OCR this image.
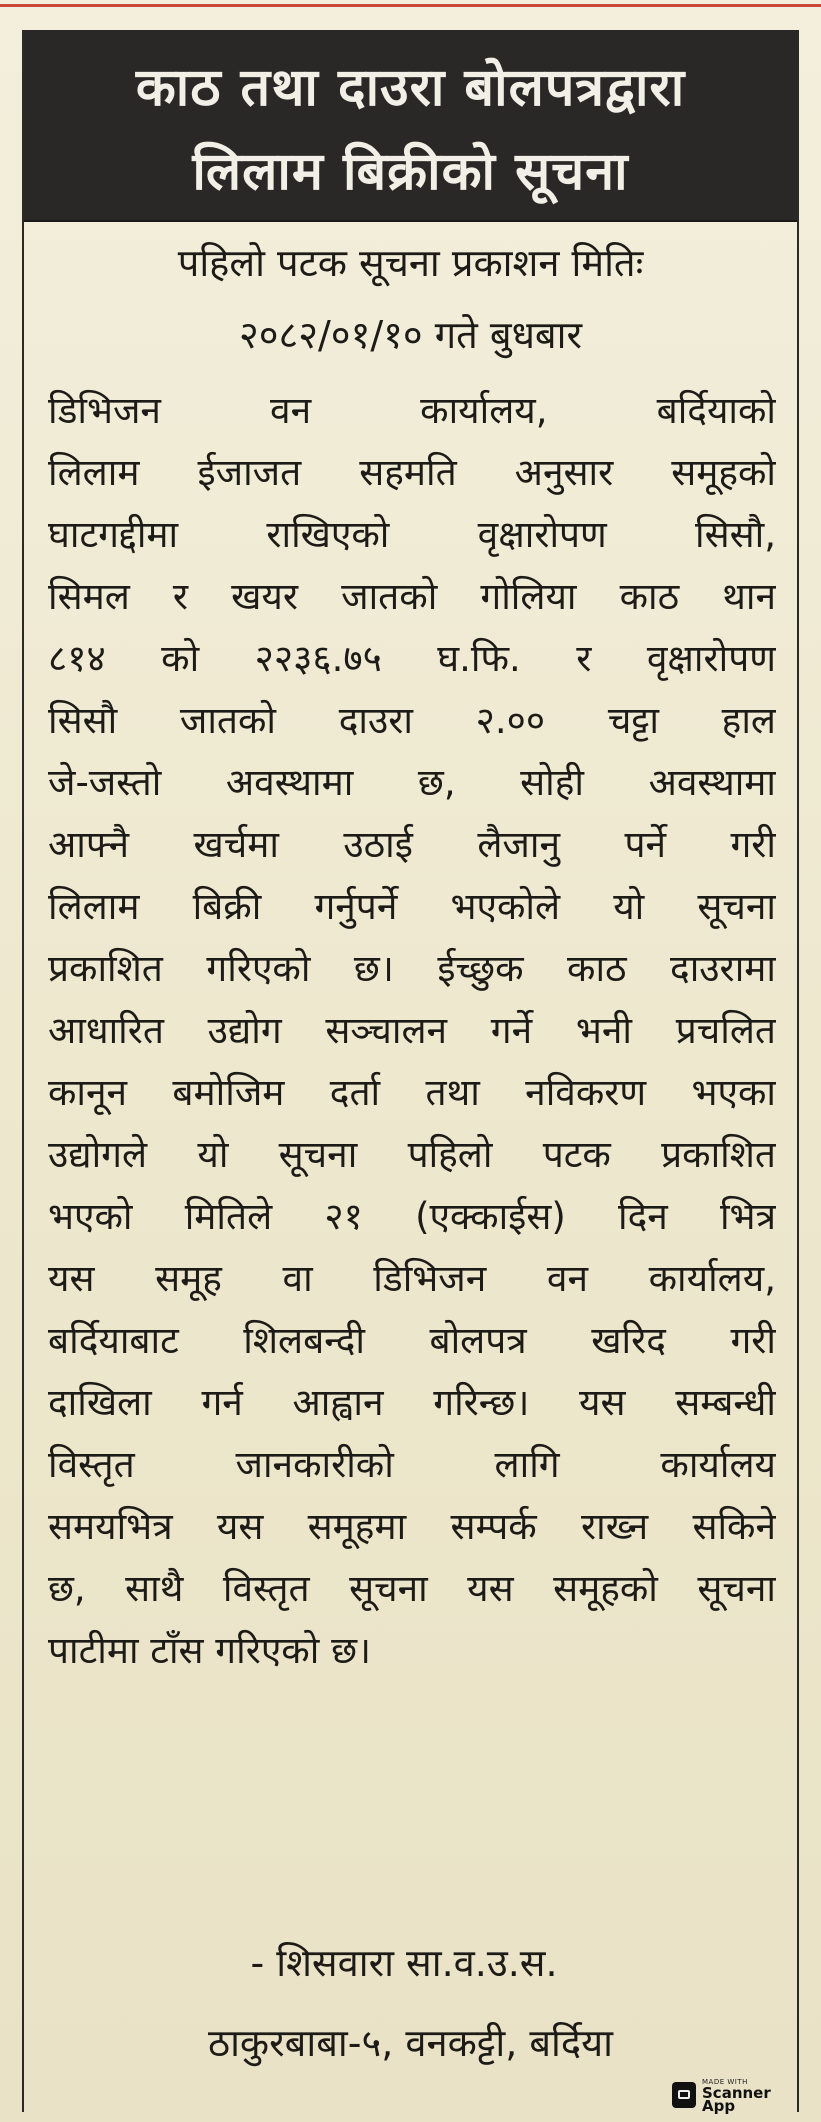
काठ तथा दाउरा बोलपत्रद्वारा
लिलाम बिक्रीको सूचना
पहिलो पटक सूचना प्रकाशन मितिः
२०८२/०१/१० गते बुधबार
डिभिजन वन कार्यालय, बर्दियाको
लिलाम ईजाजत सहमति अनुसार समूहको
घाटगद्दीमा राखिएको वृक्षारोपण सिसौ,
सिमल र खयर जातको गोलिया काठ थान
८१४ को २२३६.७५ घ.फि. र वृक्षारोपण
सिसौ जातको दाउरा २.०० चट्टा हाल
जे-जस्तो अवस्थामा छ, सोही अवस्थामा
आफ्नै खर्चमा उठाई लैजानु पर्ने गरी
लिलाम बिक्री गर्नुपर्ने भएकोले यो सूचना
प्रकाशित गरिएको छ। ईच्छुक काठ दाउरामा
आधारित उद्योग सञ्चालन गर्ने भनी प्रचलित
कानून बमोजिम दर्ता तथा नविकरण भएका
उद्योगले यो सूचना पहिलो पटक प्रकाशित
भएको मितिले २१ (एक्काईस) दिन भित्र
यस समूह वा डिभिजन वन कार्यालय,
बर्दियाबाट शिलबन्दी बोलपत्र खरिद गरी
दाखिला गर्न आह्वान गरिन्छ। यस सम्बन्धी
विस्तृत जानकारीको लागि कार्यालय
समयभित्र यस समूहमा सम्पर्क राख्न सकिने
छ, साथै विस्तृत सूचना यस समूहको सूचना
पाटीमा टाँस गरिएको छ।
- शिसवारा सा.व.उ.स.
ठाकुरबाबा-५, वनकट्टी, बर्दिया
MADE WITH
Scanner
App
